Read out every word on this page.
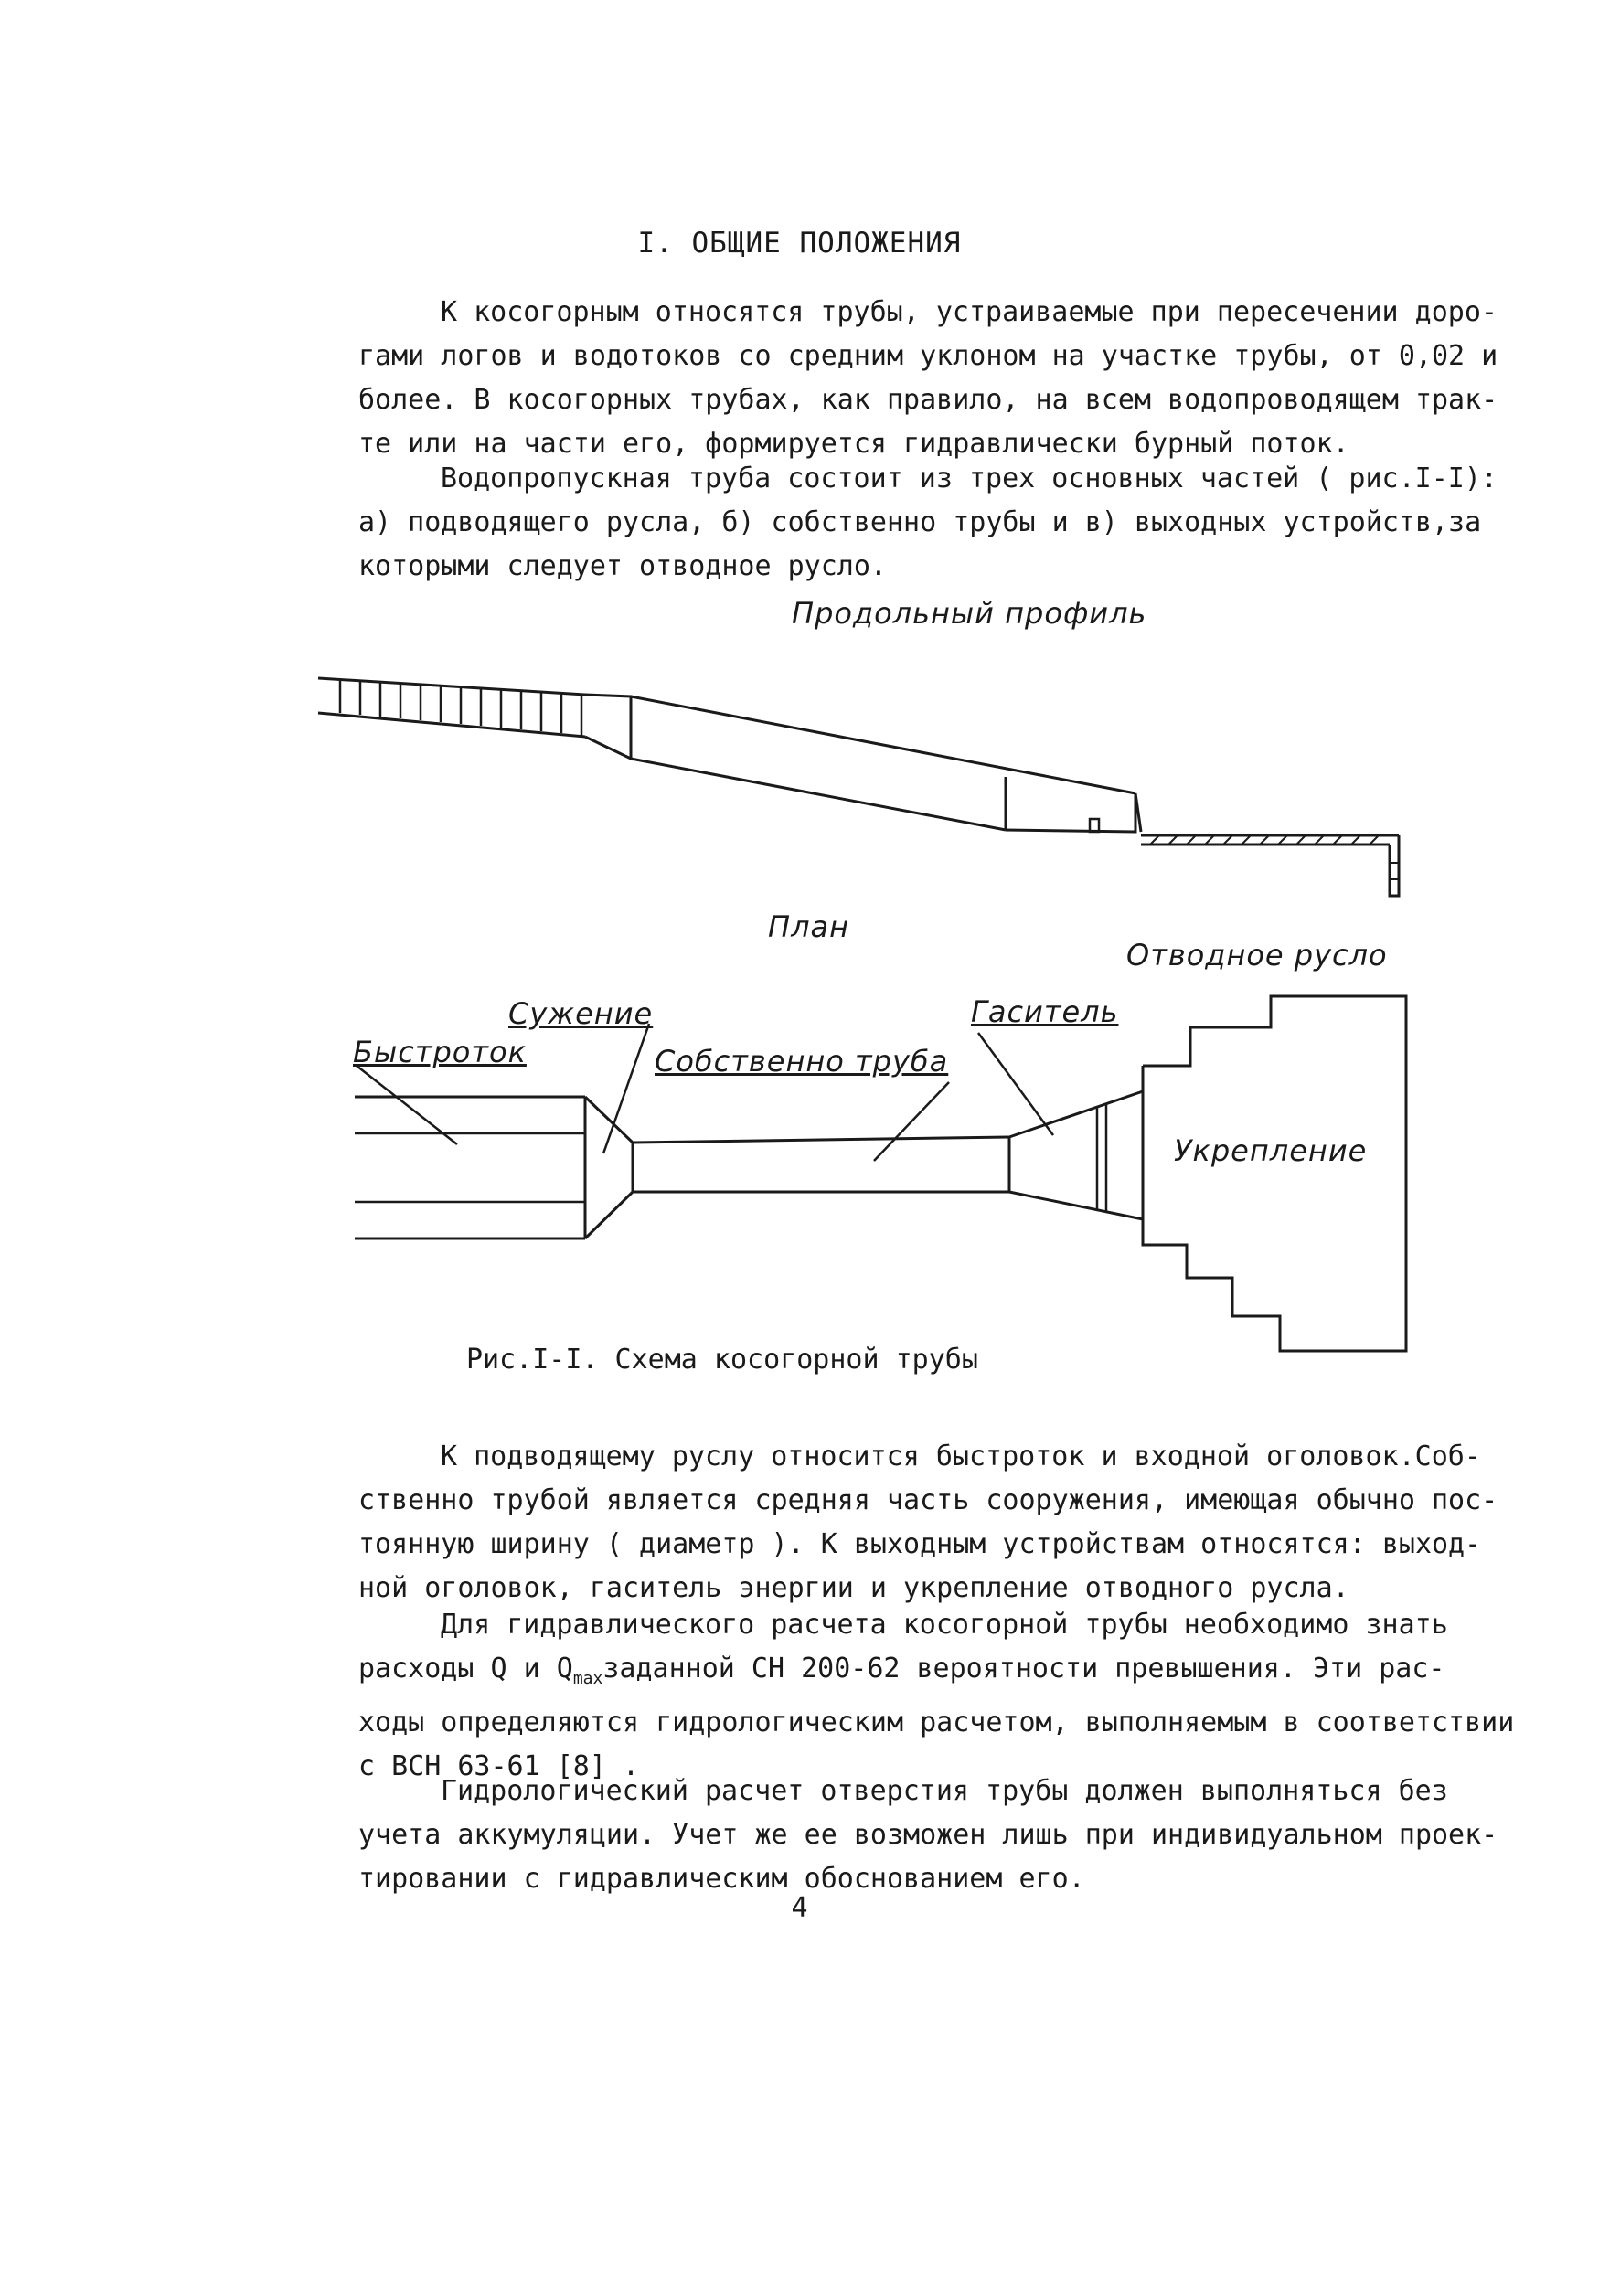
I. ОБЩИЕ ПОЛОЖЕНИЯ

К косогорным относятся трубы, устраиваемые при пересечении доро-
гами логов и водотоков со средним уклоном на участке трубы, от 0,02 и
более. В косогорных трубах, как правило, на всем водопроводящем трак-
те или на части его, формируется гидравлически бурный поток.

Водопропускная труба состоит из трех основных частей ( рис.I-I):
а) подводящего русла, б) собственно трубы и в) выходных устройств,за
которыми следует отводное русло.

Продольный профиль
План
Отводное русло
Сужение
Быстроток	Собственно труба
Гаситель
Укрепление
Рис.I-I. Схема косогорной трубы

К подводящему руслу относится быстроток и входной оголовок.Соб-
ственно трубой является средняя часть сооружения, имеющая обычно пос-
тоянную ширину ( диаметр ). К выходным устройствам относятся: выход-
ной оголовок, гаситель энергии и укрепление отводного русла.

Для гидравлического расчета косогорной трубы необходимо знать
расходы Q и $Q_{max}заданной$ СН 200-62 вероятности превышения. Эти рас-
ходы определяются гидрологическим расчетом, выполняемым в соответствии
с ВСН 63-61 [8] .

Гидрологический расчет отверстия трубы должен выполняться без
учета аккумуляции. Учет же ее возможен лишь при индивидуальном проек-
тировании с гидравлическим обоснованием его.

4
